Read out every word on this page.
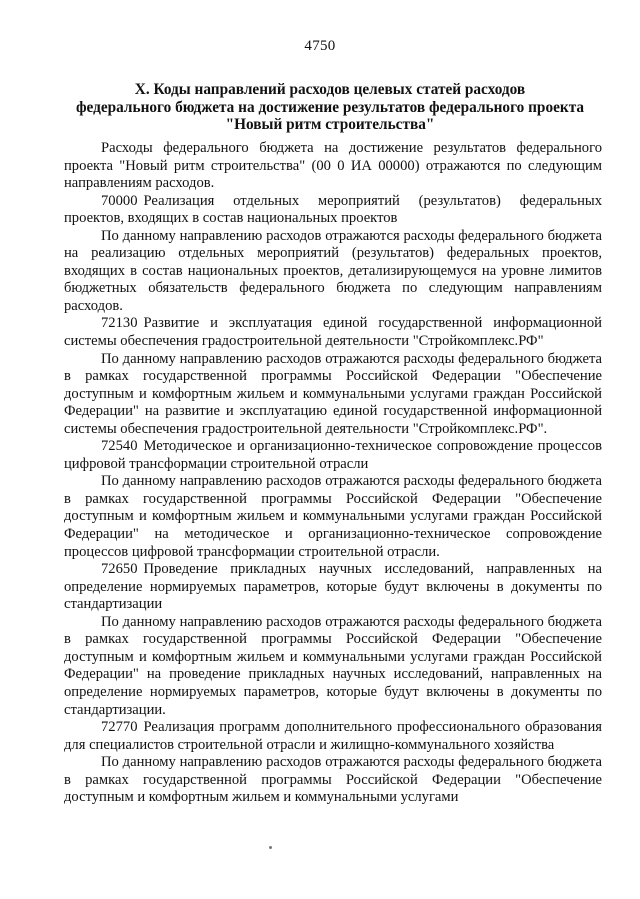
4750
X. Коды направлений расходов целевых статей расходов
федерального бюджета на достижение результатов федерального проекта
"Новый ритм строительства"

Расходы федерального бюджета на достижение результатов федерального проекта "Новый ритм строительства" (00 0 ИА 00000) отражаются по следующим направлениям расходов.

70000 Реализация отдельных мероприятий (результатов) федеральных проектов, входящих в состав национальных проектов

По данному направлению расходов отражаются расходы федерального бюджета на реализацию отдельных мероприятий (результатов) федеральных проектов, входящих в состав национальных проектов, детализирующемуся на уровне лимитов бюджетных обязательств федерального бюджета по следующим направлениям расходов.

72130 Развитие и эксплуатация единой государственной информационной системы обеспечения градостроительной деятельности "Стройкомплекс.РФ"

По данному направлению расходов отражаются расходы федерального бюджета в рамках государственной программы Российской Федерации "Обеспечение доступным и комфортным жильем и коммунальными услугами граждан Российской Федерации" на развитие и эксплуатацию единой государственной информационной системы обеспечения градостроительной деятельности "Стройкомплекс.РФ".

72540 Методическое и организационно-техническое сопровождение процессов цифровой трансформации строительной отрасли

По данному направлению расходов отражаются расходы федерального бюджета в рамках государственной программы Российской Федерации "Обеспечение доступным и комфортным жильем и коммунальными услугами граждан Российской Федерации" на методическое и организационно-техническое сопровождение процессов цифровой трансформации строительной отрасли.

72650 Проведение прикладных научных исследований, направленных на определение нормируемых параметров, которые будут включены в документы по стандартизации

По данному направлению расходов отражаются расходы федерального бюджета в рамках государственной программы Российской Федерации "Обеспечение доступным и комфортным жильем и коммунальными услугами граждан Российской Федерации" на проведение прикладных научных исследований, направленных на определение нормируемых параметров, которые будут включены в документы по стандартизации.

72770 Реализация программ дополнительного профессионального образования для специалистов строительной отрасли и жилищно-коммунального хозяйства

По данному направлению расходов отражаются расходы федерального бюджета в рамках государственной программы Российской Федерации "Обеспечение доступным и комфортным жильем и коммунальными услугами
